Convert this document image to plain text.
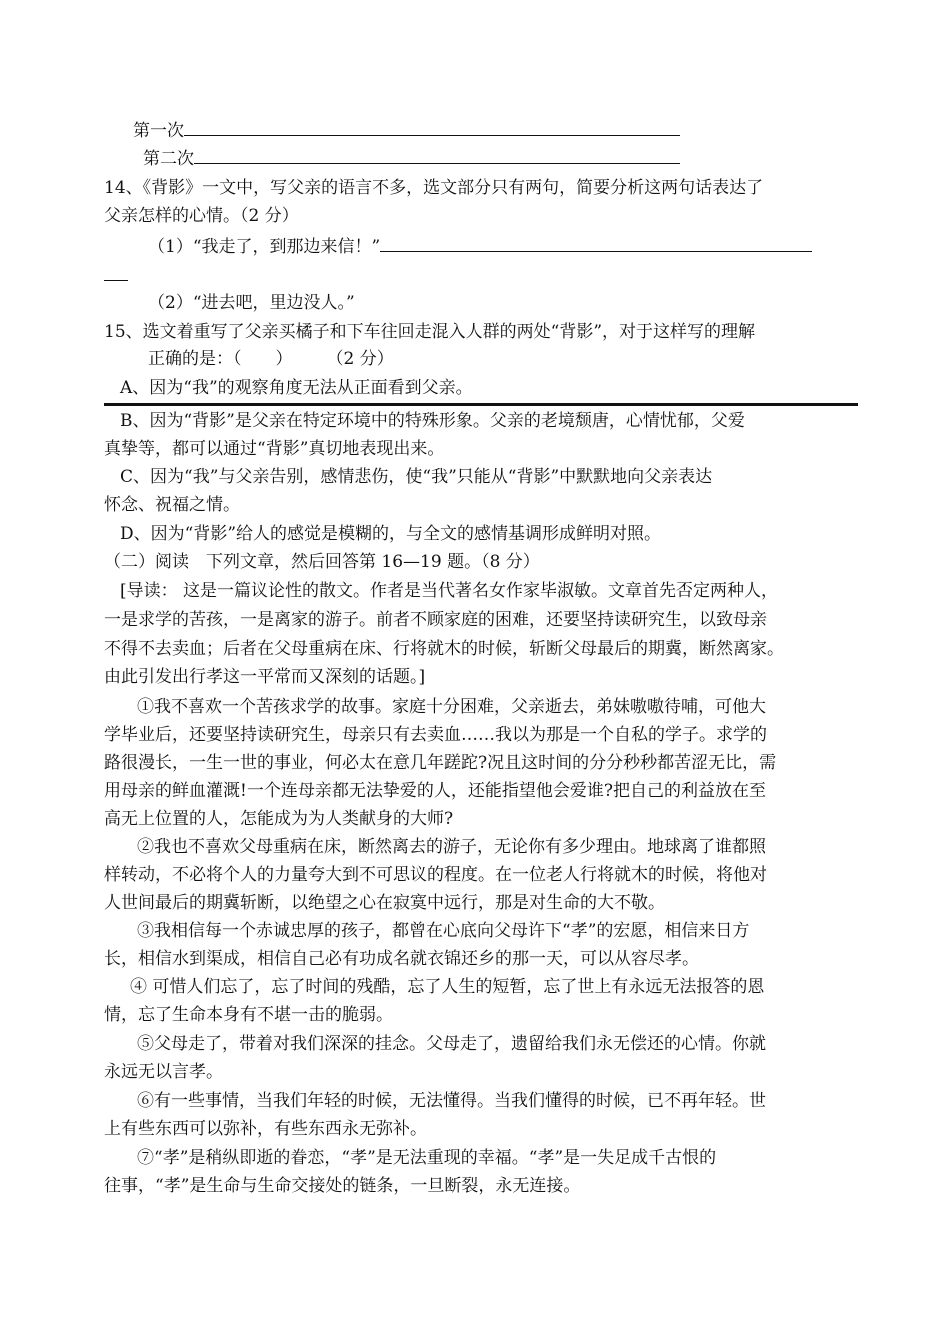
第一次
第二次
14、《背影》一文中，写父亲的语言不多，选文部分只有两句，简要分析这两句话表达了
父亲怎样的心情。（2 分）
（1）“我走了，到那边来信！”
（2）“进去吧，里边没人。”
15、选文着重写了父亲买橘子和下车往回走混入人群的两处“背影”，对于这样写的理解
正确的是：（　　）　　　（2 分）
A、因为“我”的观察角度无法从正面看到父亲。
B、因为“背影”是父亲在特定环境中的特殊形象。父亲的老境颓唐，心情忧郁，父爱
真挚等，都可以通过“背影”真切地表现出来。
C、因为“我”与父亲告别，感情悲伤，使“我”只能从“背影”中默默地向父亲表达
怀念、祝福之情。
D、因为“背影”给人的感觉是模糊的，与全文的感情基调形成鲜明对照。
（二）阅读　下列文章，然后回答第 16—19 题。（8 分）
[导读： 这是一篇议论性的散文。作者是当代著名女作家毕淑敏。文章首先否定两种人，
一是求学的苦孩，一是离家的游子。前者不顾家庭的困难，还要坚持读研究生，以致母亲
不得不去卖血；后者在父母重病在床、行将就木的时候，斩断父母最后的期冀，断然离家。
由此引发出行孝这一平常而又深刻的话题。]
①我不喜欢一个苦孩求学的故事。家庭十分困难，父亲逝去，弟妹嗷嗷待哺，可他大
学毕业后，还要坚持读研究生，母亲只有去卖血……我以为那是一个自私的学子。求学的
路很漫长，一生一世的事业，何必太在意几年蹉跎?况且这时间的分分秒秒都苦涩无比，需
用母亲的鲜血灌溉!一个连母亲都无法挚爱的人，还能指望他会爱谁?把自己的利益放在至
高无上位置的人，怎能成为为人类献身的大师?
②我也不喜欢父母重病在床，断然离去的游子，无论你有多少理由。地球离了谁都照
样转动，不必将个人的力量夸大到不可思议的程度。在一位老人行将就木的时候，将他对
人世间最后的期冀斩断，以绝望之心在寂寞中远行，那是对生命的大不敬。
③我相信每一个赤诚忠厚的孩子，都曾在心底向父母许下“孝”的宏愿，相信来日方
长，相信水到渠成，相信自己必有功成名就衣锦还乡的那一天，可以从容尽孝。
④ 可惜人们忘了，忘了时间的残酷，忘了人生的短暂，忘了世上有永远无法报答的恩
情，忘了生命本身有不堪一击的脆弱。
⑤父母走了，带着对我们深深的挂念。父母走了，遗留给我们永无偿还的心情。你就
永远无以言孝。
⑥有一些事情，当我们年轻的时候，无法懂得。当我们懂得的时候，已不再年轻。世
上有些东西可以弥补，有些东西永无弥补。
⑦“孝”是稍纵即逝的眷恋，“孝”是无法重现的幸福。“孝”是一失足成千古恨的
往事，“孝”是生命与生命交接处的链条，一旦断裂，永无连接。
